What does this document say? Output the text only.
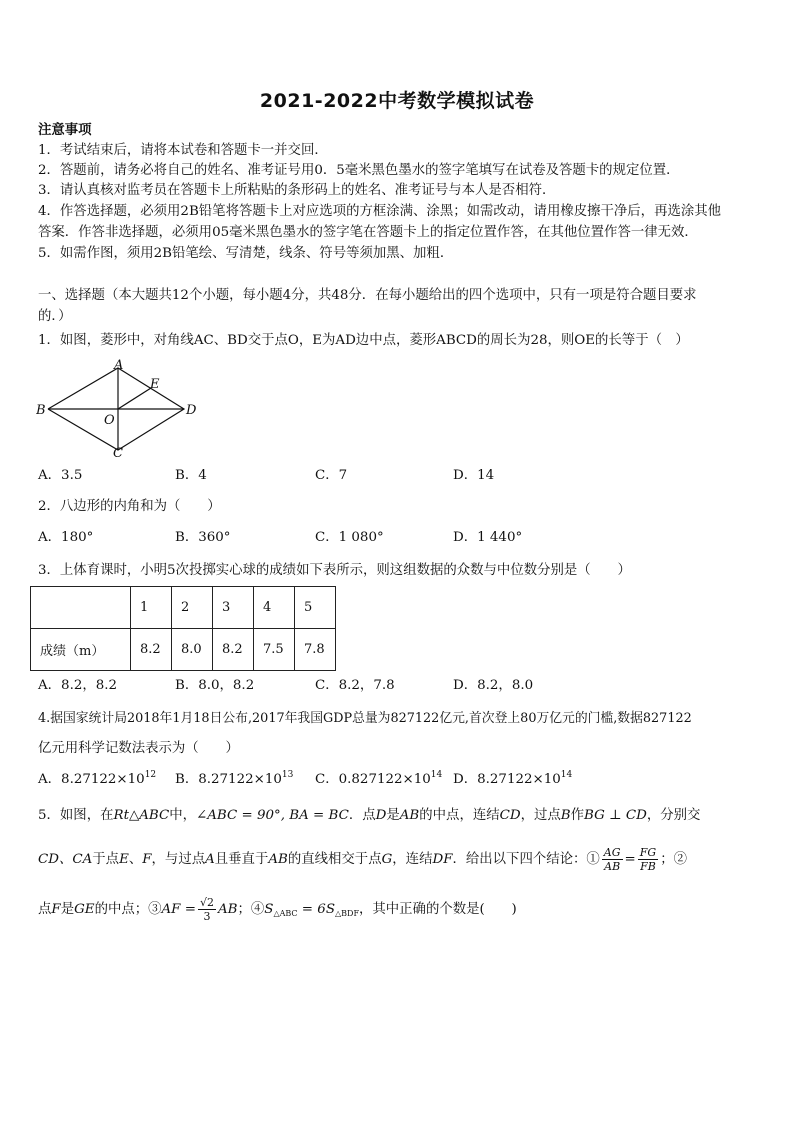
2021-2022中考数学模拟试卷
注意事项
1．考试结束后，请将本试卷和答题卡一并交回．
2．答题前，请务必将自己的姓名、准考证号用0．5毫米黑色墨水的签字笔填写在试卷及答题卡的规定位置．
3．请认真核对监考员在答题卡上所粘贴的条形码上的姓名、准考证号与本人是否相符．
4．作答选择题，必须用2B铅笔将答题卡上对应选项的方框涂满、涂黑；如需改动，请用橡皮擦干净后，再选涂其他
答案．作答非选择题，必须用05毫米黑色墨水的签字笔在答题卡上的指定位置作答，在其他位置作答一律无效．
5．如需作图，须用2B铅笔绘、写清楚，线条、符号等须加黑、加粗．
一、选择题（本大题共12个小题，每小题4分，共48分．在每小题给出的四个选项中，只有一项是符合题目要求
的．）
1．如图，菱形中，对角线AC、BD交于点O，E为AD边中点，菱形ABCD的周长为28，则OE的长等于（　）
A
B
C
D
E
O
A．3.5	B．4	C．7	D．14
2．八边形的内角和为（　　）
A．180°	B．360°	C．1 080°	D．1 440°
3．上体育课时，小明5次投掷实心球的成绩如下表所示，则这组数据的众数与中位数分别是（　　）
	1	2	3	4	5
成绩（m）	8.2	8.0	8.2	7.5	7.8
A．8.2，8.2	B．8.0，8.2	C．8.2，7.8	D．8.2，8.0
4.据国家统计局2018年1月18日公布,2017年我国GDP总量为827122亿元,首次登上80万亿元的门槛,数据827122
亿元用科学记数法表示为（　　）
A．$8.27122\times 10^{12}$ B．$8.27122\times 10^{13}$ C．$0.827122\times 10^{14}$ D．$8.27122\times 10^{14}$
5．如图，在Rt△ABC中，∠ABC = 90°, BA = BC．点D是AB的中点，连结CD，过点B作BG ⊥ CD，分别交
CD、CA于点E、F，与过点A且垂直于AB的直线相交于点G，连结DF．给出以下四个结论：① $\frac{AG}{AB} = \frac{FG}{FB}$ ；②
点F是GE的中点；③AF = $\frac{√2}{3}$ AB；$④S_{\triangle ABC} = 6S_{\triangle BDF}$，其中正确的个数是(　　)
